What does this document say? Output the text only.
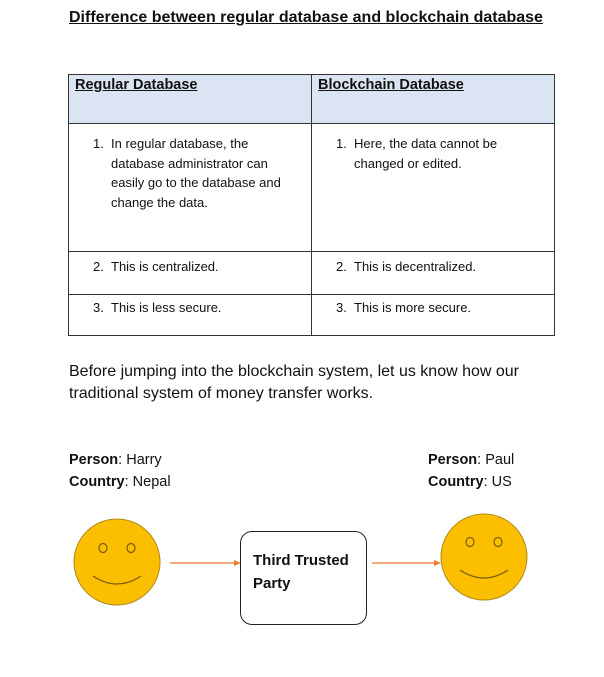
Difference between regular database and blockchain database
Regular Database	Blockchain Database

1. In regular database, the database administrator can easily go to the database and change the data.	1. Here, the data cannot be changed or edited.

2. This is centralized.	2. This is decentralized.

3. This is less secure.	3. This is more secure.
Before jumping into the blockchain system, let us know how our traditional system of money transfer works.
Person: Harry
Country: Nepal
Person: Paul
Country: US
Third Trusted Party
